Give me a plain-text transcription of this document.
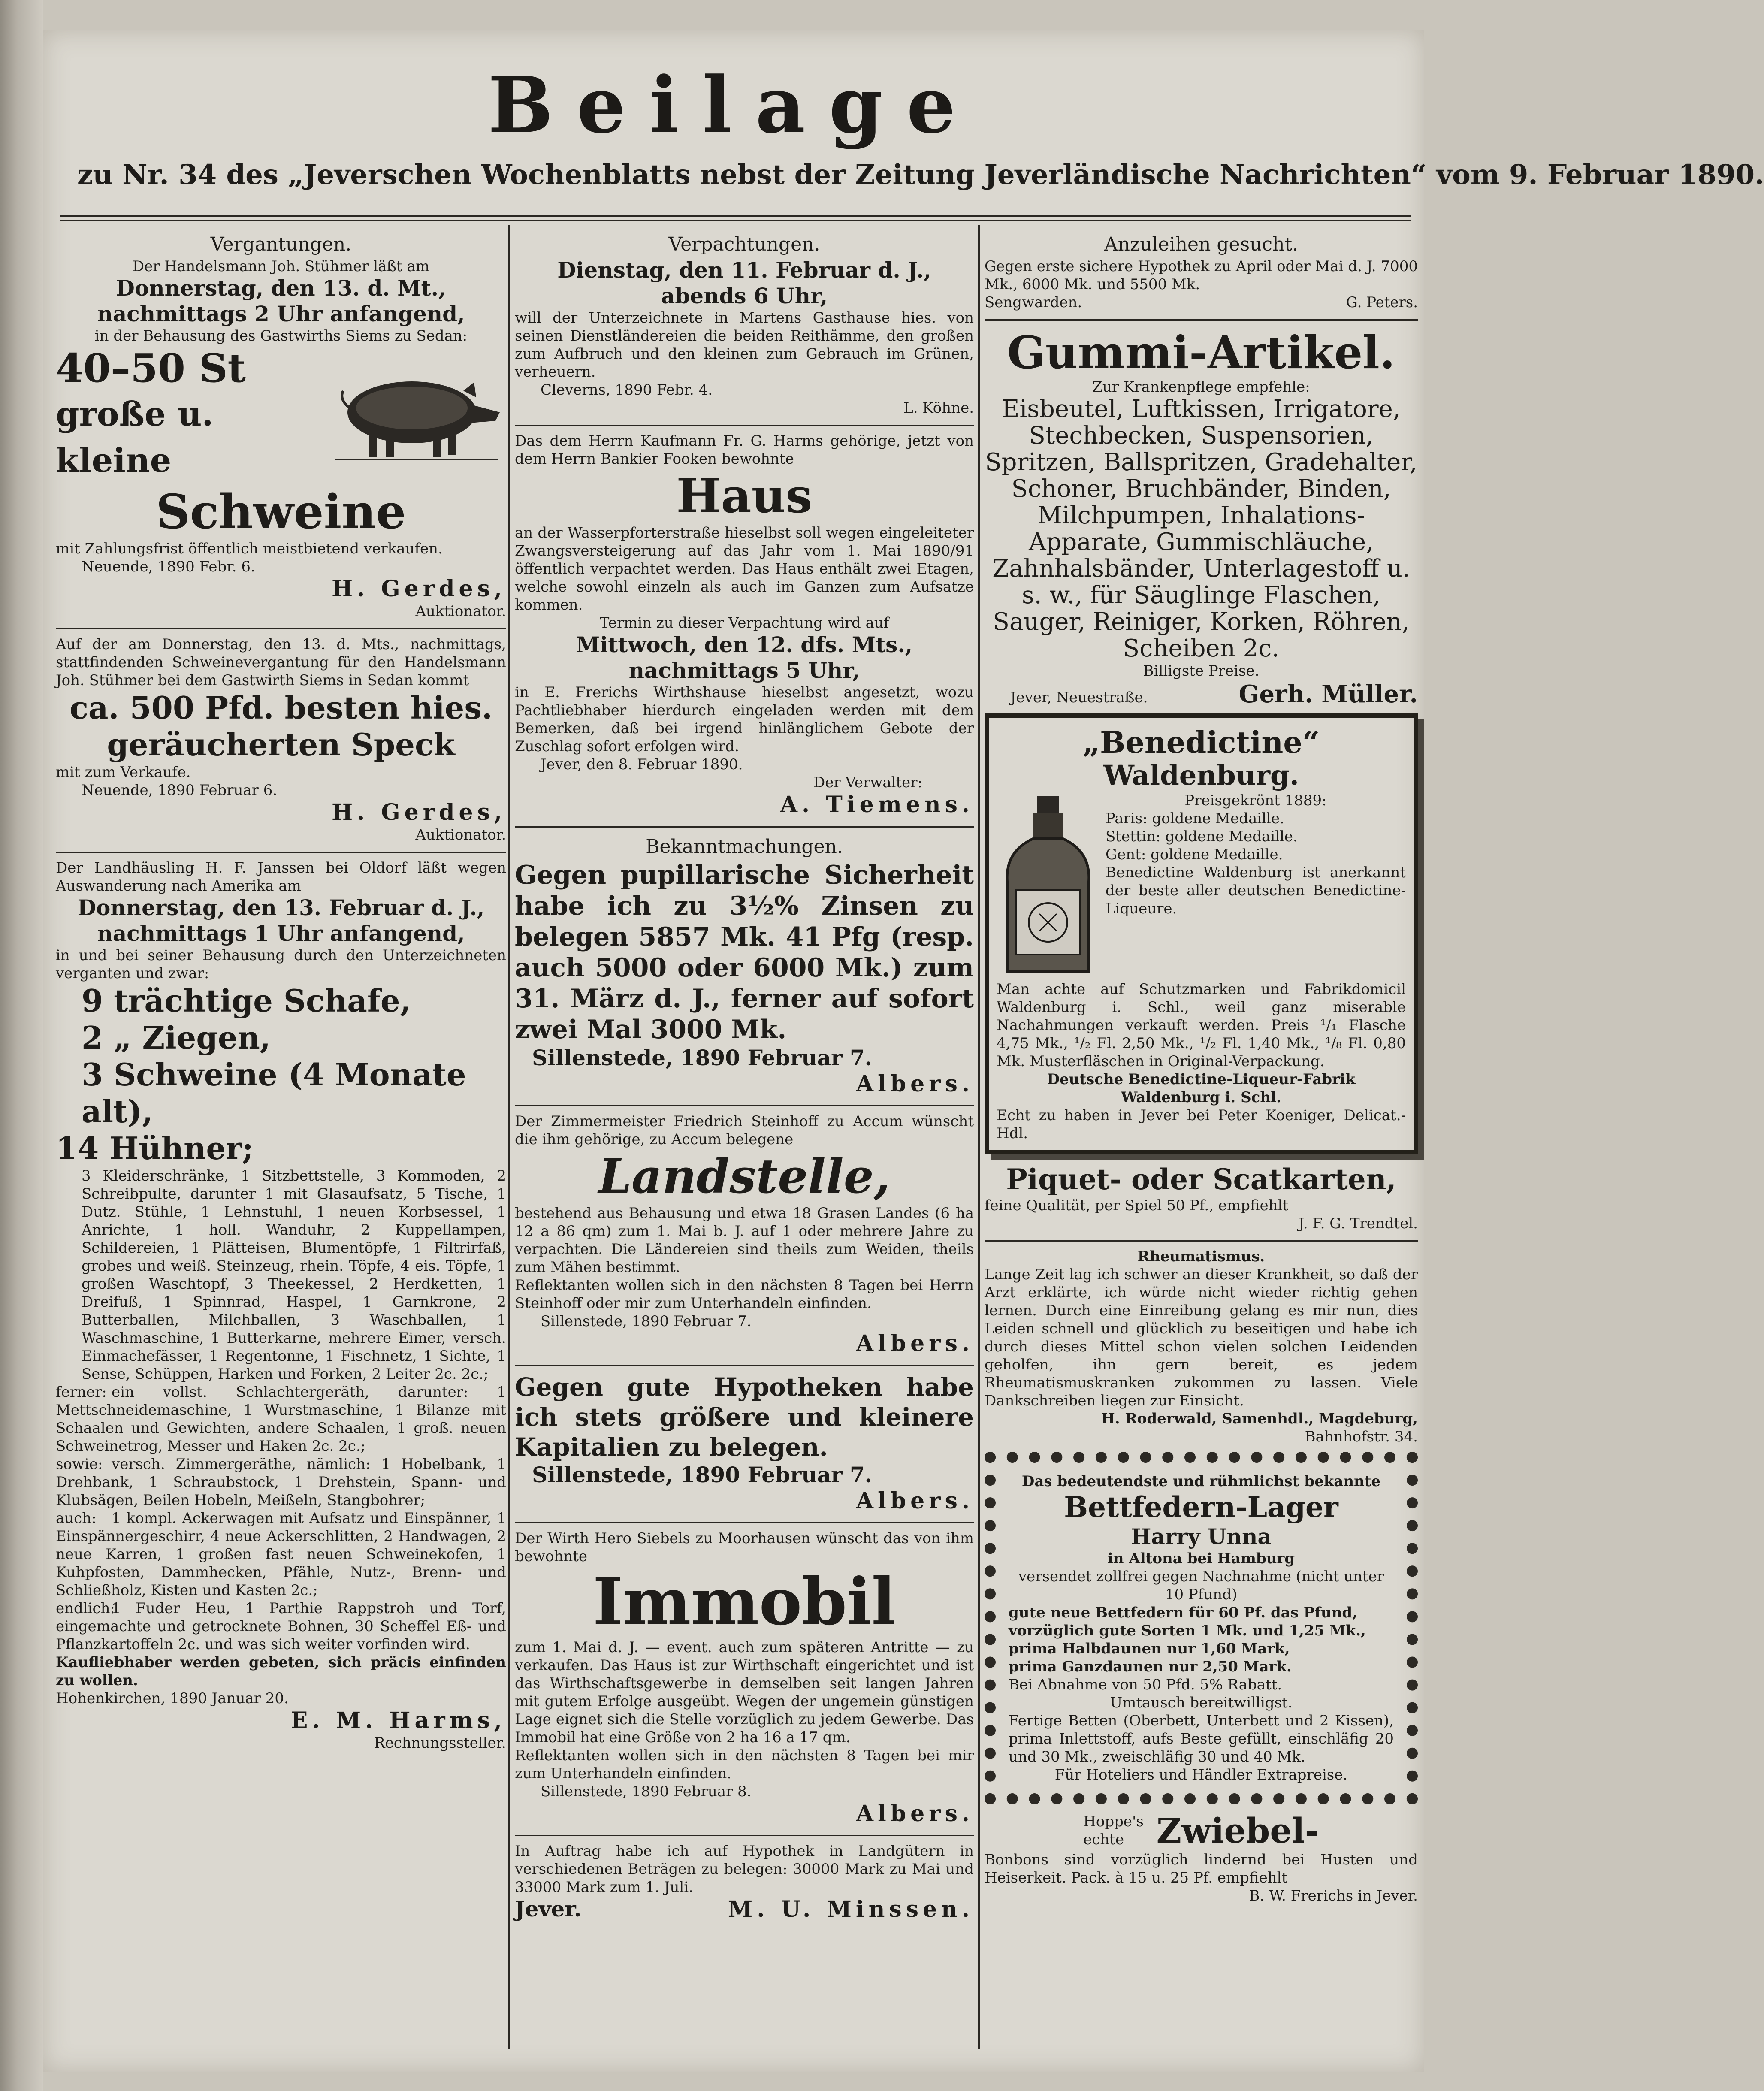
Beilage
zu Nr. 34 des „Jeverschen Wochenblatts nebst der Zeitung Jeverländische Nachrichten“ vom 9. Februar 1890.

Vergantungen.

Der Handelsmann Joh. Stühmer läßt am

Donnerstag, den 13. d. Mt.,

nachmittags 2 Uhr anfangend,

in der Behausung des Gastwirths Siems zu Sedan:

40–50 St

große u. kleine

Schweine

mit Zahlungsfrist öffentlich meistbietend verkaufen.

Neuende, 1890 Febr. 6.

H. Gerdes,

Auktionator.

Auf der am Donnerstag, den 13. d. Mts., nachmittags, stattfindenden Schweinevergantung für den Handelsmann Joh. Stühmer bei dem Gastwirth Siems in Sedan kommt

ca. 500 Pfd. besten hies.

geräucherten Speck

mit zum Verkaufe.

Neuende, 1890 Februar 6.

H. Gerdes,

Auktionator.

Der Landhäusling H. F. Janssen bei Oldorf läßt wegen Auswanderung nach Amerika am

Donnerstag, den 13. Februar d. J.,

nachmittags 1 Uhr anfangend,

in und bei seiner Behausung durch den Unterzeichneten verganten und zwar:

9 trächtige Schafe,

2 „ Ziegen,

3 Schweine (4 Monate alt),

14 Hühner;

3 Kleiderschränke, 1 Sitzbettstelle, 3 Kommoden, 2 Schreibpulte, darunter 1 mit Glasaufsatz, 5 Tische, 1 Dutz. Stühle, 1 Lehnstuhl, 1 neuen Korbsessel, 1 Anrichte, 1 holl. Wanduhr, 2 Kuppellampen, Schildereien, 1 Plätteisen, Blumentöpfe, 1 Filtrirfaß, grobes und weiß. Steinzeug, rhein. Töpfe, 4 eis. Töpfe, 1 großen Waschtopf, 3 Theekessel, 2 Herdketten, 1 Dreifuß, 1 Spinnrad, Haspel, 1 Garnkrone, 2 Butterballen, Milchballen, 3 Waschballen, 1 Waschmaschine, 1 Butterkarne, mehrere Eimer, versch. Einmachefässer, 1 Regentonne, 1 Fischnetz, 1 Sichte, 1 Sense, Schüppen, Harken und Forken, 2 Leiter 2c. 2c.;

ferner: ein vollst. Schlachtergeräth, darunter: 1 Mettschneidemaschine, 1 Wurstmaschine, 1 Bilanze mit Schaalen und Gewichten, andere Schaalen, 1 groß. neuen Schweinetrog, Messer und Haken 2c. 2c.;

sowie: versch. Zimmergeräthe, nämlich: 1 Hobelbank, 1 Drehbank, 1 Schraubstock, 1 Drehstein, Spann- und Klubsägen, Beilen Hobeln, Meißeln, Stangbohrer;

auch: 1 kompl. Ackerwagen mit Aufsatz und Einspänner, 1 Einspännergeschirr, 4 neue Ackerschlitten, 2 Handwagen, 2 neue Karren, 1 großen fast neuen Schweinekofen, 1 Kuhpfosten, Dammhecken, Pfähle, Nutz-, Brenn- und Schließholz, Kisten und Kasten 2c.;

endlich:1 Fuder Heu, 1 Parthie Rappstroh und Torf, eingemachte und getrocknete Bohnen, 30 Scheffel Eß- und Pflanzkartoffeln 2c. und was sich weiter vorfinden wird.

Kaufliebhaber werden gebeten, sich präcis einfinden zu wollen.

Hohenkirchen, 1890 Januar 20.

E. M. Harms,

Rechnungssteller.

Verpachtungen.

Dienstag, den 11. Februar d. J.,

abends 6 Uhr,

will der Unterzeichnete in Martens Gasthause hies. von seinen Dienstländereien die beiden Reithämme, den großen zum Aufbruch und den kleinen zum Gebrauch im Grünen, verheuern.

Cleverns, 1890 Febr. 4.

L. Köhne.

Das dem Herrn Kaufmann Fr. G. Harms gehörige, jetzt von dem Herrn Bankier Fooken bewohnte

Haus

an der Wasserpforterstraße hieselbst soll wegen eingeleiteter Zwangsversteigerung auf das Jahr vom 1. Mai 1890/91 öffentlich verpachtet werden. Das Haus enthält zwei Etagen, welche sowohl einzeln als auch im Ganzen zum Aufsatze kommen.

Termin zu dieser Verpachtung wird auf

Mittwoch, den 12. dfs. Mts.,

nachmittags 5 Uhr,

in E. Frerichs Wirthshause hieselbst angesetzt, wozu Pachtliebhaber hierdurch eingeladen werden mit dem Bemerken, daß bei irgend hinlänglichem Gebote der Zuschlag sofort erfolgen wird.

Jever, den 8. Februar 1890.

Der Verwalter:

A. Tiemens.

Bekanntmachungen.

Gegen pupillarische Sicherheit habe ich zu 3½% Zinsen zu belegen 5857 Mk. 41 Pfg (resp. auch 5000 oder 6000 Mk.) zum 31. März d. J., ferner auf sofort zwei Mal 3000 Mk.

Sillenstede, 1890 Februar 7.

Albers.

Der Zimmermeister Friedrich Steinhoff zu Accum wünscht die ihm gehörige, zu Accum belegene

Landstelle,

bestehend aus Behausung und etwa 18 Grasen Landes (6 ha 12 a 86 qm) zum 1. Mai b. J. auf 1 oder mehrere Jahre zu verpachten. Die Ländereien sind theils zum Weiden, theils zum Mähen bestimmt.

Reflektanten wollen sich in den nächsten 8 Tagen bei Herrn Steinhoff oder mir zum Unterhandeln einfinden.

Sillenstede, 1890 Februar 7.

Albers.

Gegen gute Hypotheken habe ich stets größere und kleinere Kapitalien zu belegen.

Sillenstede, 1890 Februar 7.

Albers.

Der Wirth Hero Siebels zu Moorhausen wünscht das von ihm bewohnte

Immobil

zum 1. Mai d. J. — event. auch zum späteren Antritte — zu verkaufen. Das Haus ist zur Wirthschaft eingerichtet und ist das Wirthschaftsgewerbe in demselben seit langen Jahren mit gutem Erfolge ausgeübt. Wegen der ungemein günstigen Lage eignet sich die Stelle vorzüglich zu jedem Gewerbe. Das Immobil hat eine Größe von 2 ha 16 a 17 qm.

Reflektanten wollen sich in den nächsten 8 Tagen bei mir zum Unterhandeln einfinden.

Sillenstede, 1890 Februar 8.

Albers.

In Auftrag habe ich auf Hypothek in Landgütern in verschiedenen Beträgen zu belegen: 30000 Mark zu Mai und 33000 Mark zum 1. Juli.

Jever.	M. U. Minssen.

Anzuleihen gesucht.

Gegen erste sichere Hypothek zu April oder Mai d. J. 7000 Mk., 6000 Mk. und 5500 Mk.

Sengwarden.	G. Peters.

Gummi-Artikel.

Zur Krankenpflege empfehle:

Eisbeutel, Luftkissen, Irrigatore, Stechbecken, Suspensorien, Spritzen, Ballspritzen, Gradehalter, Schoner, Bruchbänder, Binden, Milchpumpen, Inhalations-Apparate, Gummischläuche, Zahnhalsbänder, Unterlagestoff u. s. w., für Säuglinge Flaschen, Sauger, Reiniger, Korken, Röhren, Scheiben 2c.

Billigste Preise.

Jever, Neuestraße.	Gerh. Müller.

„Benedictine“

Waldenburg.

Preisgekrönt 1889:

Paris: goldene Medaille.

Stettin: goldene Medaille.

Gent: goldene Medaille.

Benedictine Waldenburg ist anerkannt der beste aller deutschen Benedictine-Liqueure.

Man achte auf Schutzmarken und Fabrikdomicil Waldenburg i. Schl., weil ganz miserable Nachahmungen verkauft werden. Preis ¹/₁ Flasche 4,75 Mk., ¹/₂ Fl. 2,50 Mk., ¹/₂ Fl. 1,40 Mk., ¹/₈ Fl. 0,80 Mk. Musterfläschen in Original-Verpackung.

Deutsche Benedictine-Liqueur-Fabrik

Waldenburg i. Schl.

Echt zu haben in Jever bei Peter Koeniger, Delicat.-Hdl.

Piquet- oder Scatkarten,

feine Qualität, per Spiel 50 Pf., empfiehlt

J. F. G. Trendtel.

Rheumatismus.

Lange Zeit lag ich schwer an dieser Krankheit, so daß der Arzt erklärte, ich würde nicht wieder richtig gehen lernen. Durch eine Einreibung gelang es mir nun, dies Leiden schnell und glücklich zu beseitigen und habe ich durch dieses Mittel schon vielen solchen Leidenden geholfen, ihn gern bereit, es jedem Rheumatismuskranken zukommen zu lassen. Viele Dankschreiben liegen zur Einsicht.

H. Roderwald, Samenhdl., Magdeburg,

Bahnhofstr. 34.

Das bedeutendste und rühmlichst bekannte

Bettfedern-Lager

Harry Unna

in Altona bei Hamburg

versendet zollfrei gegen Nachnahme (nicht unter 10 Pfund)

gute neue Bettfedern für 60 Pf. das Pfund,

vorzüglich gute Sorten 1 Mk. und 1,25 Mk.,

prima Halbdaunen nur 1,60 Mark,

prima Ganzdaunen nur 2,50 Mark.

Bei Abnahme von 50 Pfd. 5% Rabatt.

Umtausch bereitwilligst.

Fertige Betten (Oberbett, Unterbett und 2 Kissen), prima Inlettstoff, aufs Beste gefüllt, einschläfig 20 und 30 Mk., zweischläfig 30 und 40 Mk.

Für Hoteliers und Händler Extrapreise.

Hoppe's

echte Zwiebel-

Bonbons sind vorzüglich lindernd bei Husten und Heiserkeit. Pack. à 15 u. 25 Pf. empfiehlt

B. W. Frerichs in Jever.
